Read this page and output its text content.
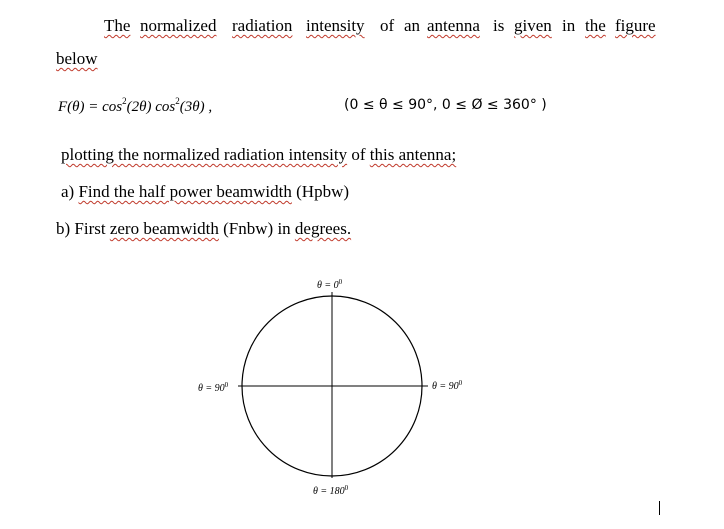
The normalized radiation intensity of an antenna is given in the figure
below
$F(\theta) = \cos^2(2\theta)$ $\cos^2(3\theta)$ ,	(0 ≤ θ ≤ 90°, 0 ≤ Ø ≤ 360° )
plotting the normalized radiation intensity of this antenna;
a) Find the half power beamwidth (Hpbw)
b) First zero beamwidth (Fnbw) in degrees.
$\theta = 0^0$
$\theta = 90^0$	$\theta = 90^0$
$\theta = 180^0$
